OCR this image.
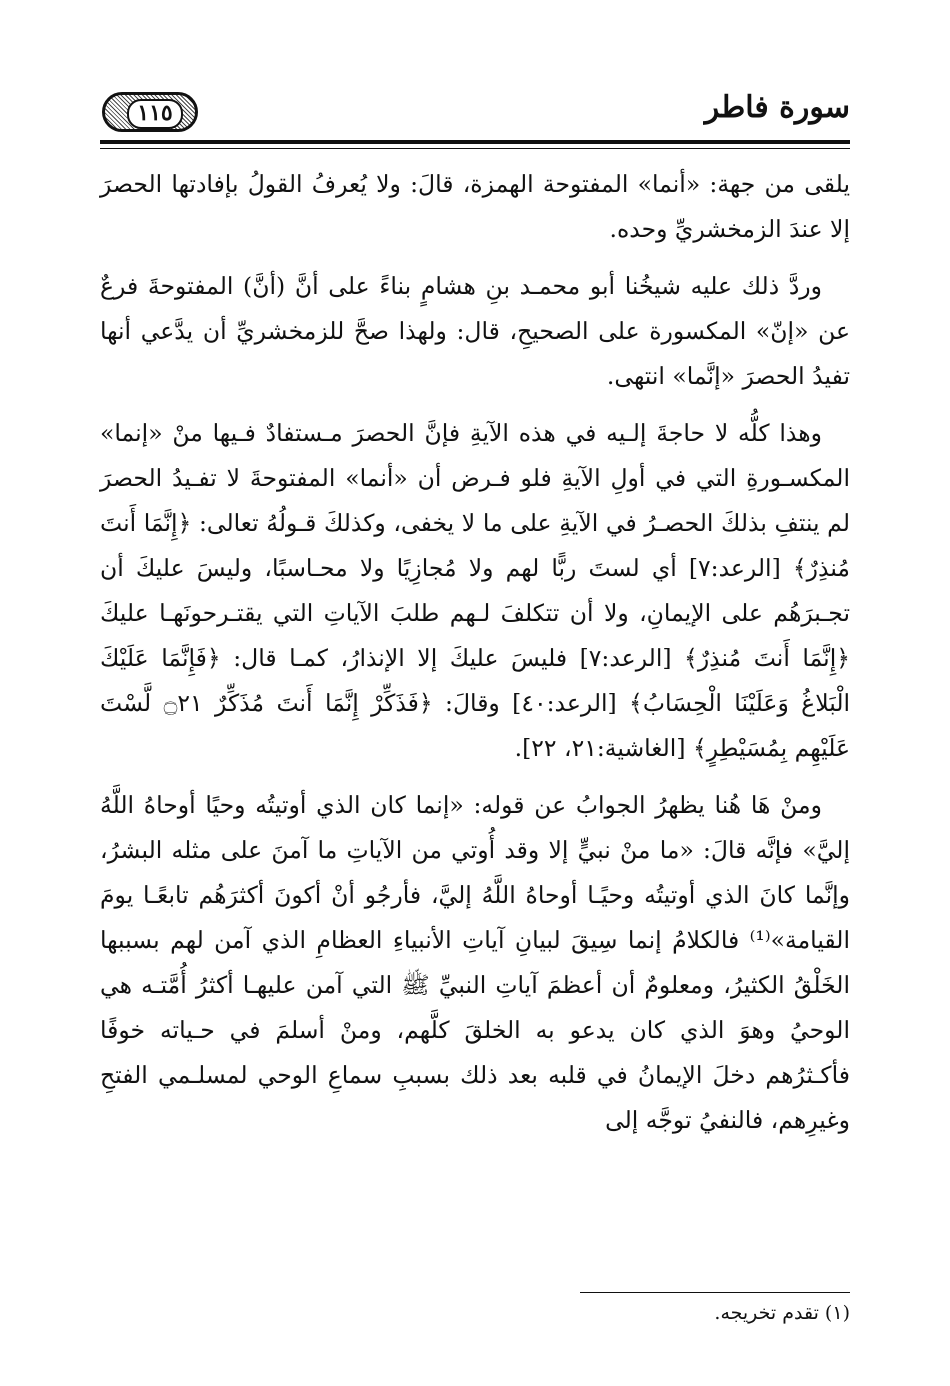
سورة فاطر
١١٥

يلقى من جهة: «أنما» المفتوحة الهمزة، قالَ: ولا يُعرفُ القولُ بإفادتها الحصرَ إلا عندَ الزمخشريِّ وحده.

وردَّ ذلك عليه شيخُنا أبو محمـد بنِ هشامٍ بناءً على أنَّ (أنَّ) المفتوحةَ فرعٌ عن «إنّ» المكسورة على الصحيحِ، قال: ولهذا صحَّ للزمخشريِّ أن يدَّعي أنها تفيدُ الحصرَ «إنَّما» انتهى.

وهذا كلُّه لا حاجةَ إلـيه في هذه الآيةِ فإنَّ الحصرَ مـستفادٌ فـيها منْ «إنما» المكسـورةِ التي في أولِ الآيةِ فلو فـرض أن «أنما» المفتوحةَ لا تفـيدُ الحصرَ لم ينتفِ بذلكَ الحصـرُ في الآيةِ على ما لا يخفى، وكذلكَ قـولُهُ تعالى: ﴿إِنَّمَا أَنتَ مُنذِرٌ﴾ [الرعد:٧] أي لستَ ربًّا لهم ولا مُجازِيًا ولا محـاسبًا، وليسَ عليكَ أن تجـبرَهُم على الإيمانِ، ولا أن تتكلفَ لـهم طلبَ الآياتِ التي يقتـرحونَهـا عليكَ ﴿إِنَّمَا أَنتَ مُنذِرٌ﴾ [الرعد:٧] فليسَ عليكَ إلا الإنذارُ، كمـا قال: ﴿فَإِنَّمَا عَلَيْكَ الْبَلاغُ وَعَلَيْنَا الْحِسَابُ﴾ [الرعد:٤٠] وقالَ: ﴿فَذَكِّرْ إِنَّمَا أَنتَ مُذَكِّرٌ ۝٢١ لَّسْتَ عَلَيْهِم بِمُسَيْطِرٍ﴾ [الغاشية:٢١، ٢٢].

ومنْ هَا هُنا يظهرُ الجوابُ عن قوله: «إنما كان الذي أوتيتُه وحيًا أوحاهُ اللَّهُ إليَّ» فإنَّه قالَ: «ما منْ نبيٍّ إلا وقد أُوتي من الآياتِ ما آمنَ على مثله البشرُ، وإنَّما كانَ الذي أوتيتُه وحيًـا أوحاهُ اللَّهُ إليَّ، فأرجُو أنْ أكونَ أكثرَهُم تابعًـا يومَ القيامة»⁽¹⁾ فالكلامُ إنما سِيقَ لبيانِ آياتِ الأنبياءِ العظامِ الذي آمن لهم بسببها الخَلْقُ الكثيرُ، ومعلومٌ أن أعظمَ آياتِ النبيِّ ﷺ التي آمن عليهـا أكثرُ أُمَّتـه هي الوحيُ وهوَ الذي كان يدعو به الخلقَ كلَّهم، ومنْ أسلمَ في حـياته خوفًا فأكـثرُهم دخلَ الإيمانُ في قلبه بعد ذلك بسببِ سماعِ الوحي لمسلـمي الفتحِ وغيرِهم، فالنفيُ توجَّه إلى

(١) تقدم تخريجه.
